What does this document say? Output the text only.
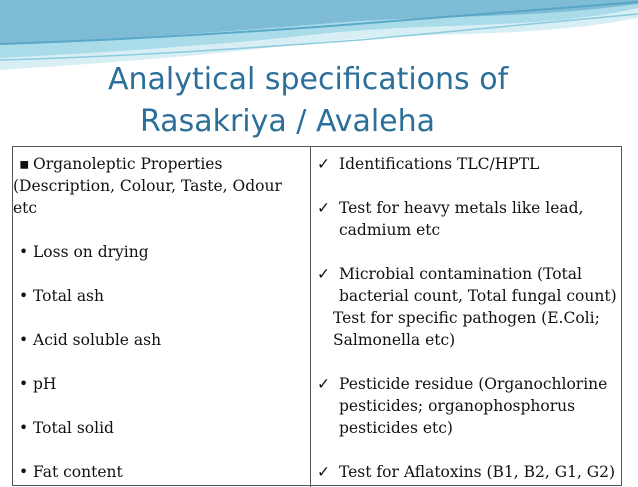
Analytical specifications of
Rasakriya / Avaleha
▪ Organoleptic Properties
(Description, Colour, Taste, Odour
etc
• Loss on drying
• Total ash
• Acid soluble ash
• pH
• Total solid
• Fat content
✓ Identifications TLC/HPTL
✓ Test for heavy metals like lead,
cadmium etc
✓ Microbial contamination (Total
bacterial count, Total fungal count)
Test for specific pathogen (E.Coli;
Salmonella etc)
✓ Pesticide residue (Organochlorine
pesticides; organophosphorus
pesticides etc)
✓ Test for Aflatoxins (B1, B2, G1, G2)
